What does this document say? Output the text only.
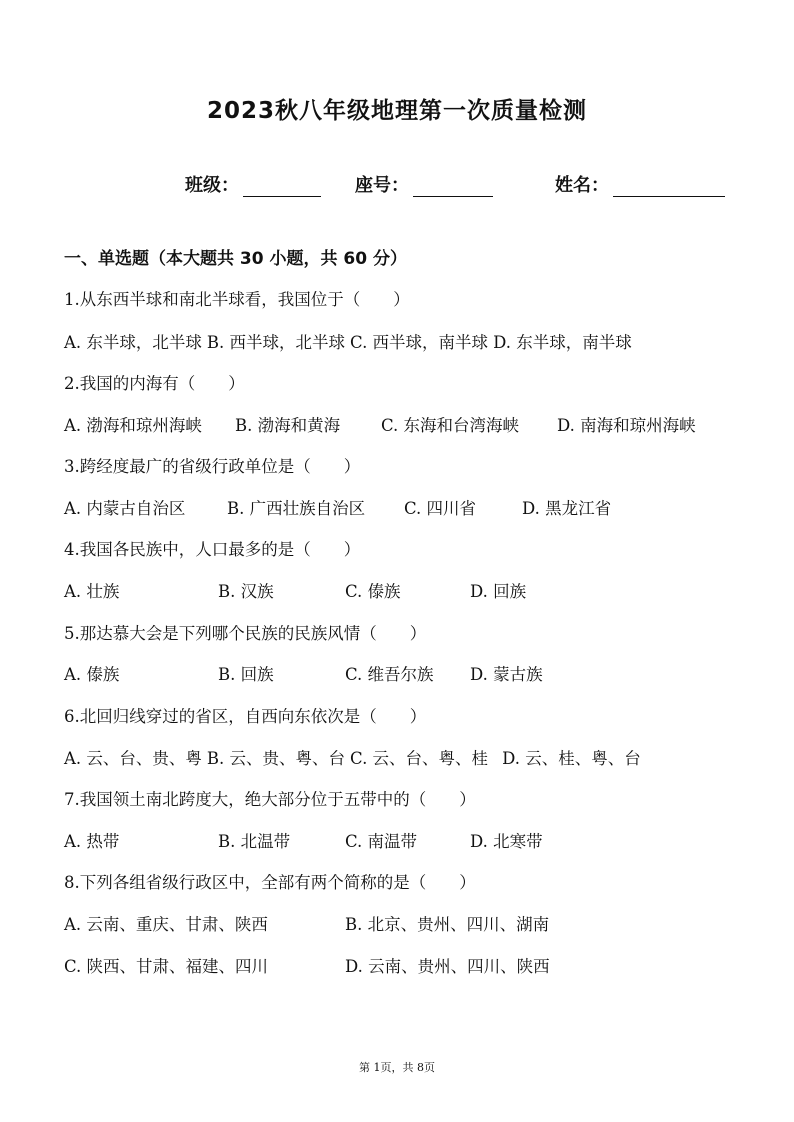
2023秋八年级地理第一次质量检测
班级：	座号：	姓名：
一、单选题（本大题共 30 小题，共 60 分）
1.从东西半球和南北半球看，我国位于（　　）
A. 东半球，北半球 B. 西半球，北半球 C. 西半球，南半球 D. 东半球，南半球
2.我国的内海有（　　）
A. 渤海和琼州海峡 B. 渤海和黄海 C. 东海和台湾海峡 D. 南海和琼州海峡
3.跨经度最广的省级行政单位是（　　）
A. 内蒙古自治区	B. 广西壮族自治区 C. 四川省	D. 黑龙江省
4.我国各民族中，人口最多的是（　　）
A. 壮族	B. 汉族	C. 傣族	D. 回族
5.那达慕大会是下列哪个民族的民族风情（　　）
A. 傣族	B. 回族	C. 维吾尔族 D. 蒙古族
6.北回归线穿过的省区，自西向东依次是（　　）
A. 云、台、贵、粤 B. 云、贵、粤、台 C. 云、台、粤、桂 D. 云、桂、粤、台
7.我国领土南北跨度大，绝大部分位于五带中的（　　）
A. 热带	B. 北温带	C. 南温带	D. 北寒带
8.下列各组省级行政区中，全部有两个简称的是（　　）
A. 云南、重庆、甘肃、陕西	B. 北京、贵州、四川、湖南
C. 陕西、甘肃、福建、四川	D. 云南、贵州、四川、陕西
第 1页，共 8页
